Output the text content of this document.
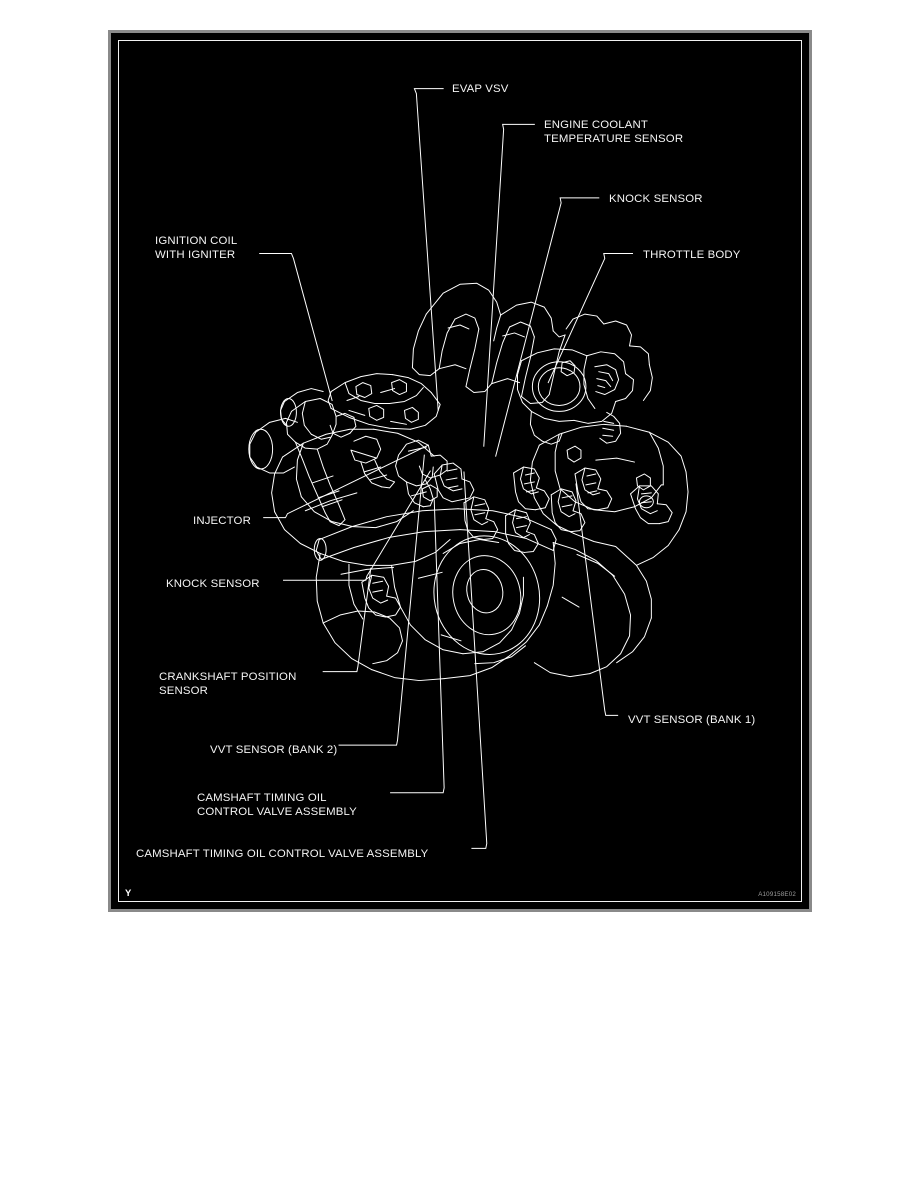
EVAP VSV
ENGINE COOLANT
TEMPERATURE SENSOR
KNOCK SENSOR
THROTTLE BODY
IGNITION COIL
WITH IGNITER
INJECTOR
KNOCK SENSOR
CRANKSHAFT POSITION
SENSOR
VVT SENSOR (BANK 1)
VVT SENSOR (BANK 2)
CAMSHAFT TIMING OIL
CONTROL VALVE ASSEMBLY
CAMSHAFT TIMING OIL CONTROL VALVE ASSEMBLY
Y	A109158E02
